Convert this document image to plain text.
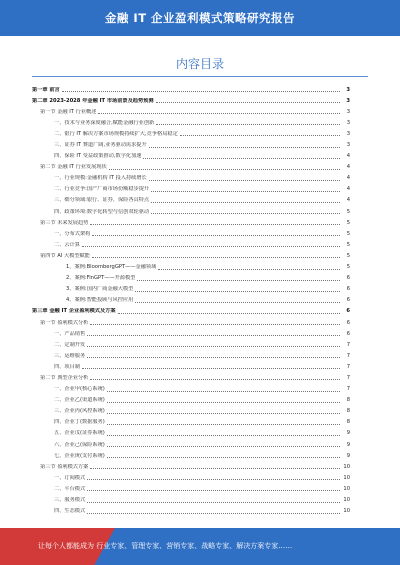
金融 IT 企业盈利模式策略研究报告
内容目录
第一章 前言	3
第二章 2023-2028 年金融 IT 市场前景及趋势预测	3
第一节 金融 IT 行业概述	3
一、技术与业务深度融合,赋能金融行业创新	3
二、银行 IT 解决方案市场规模持续扩大,竞争格局稳定	3
三、证券 IT 赛道广阔,业务驱动需求提升	3
四、保险 IT 受益政策推动,数字化加速	4
第二节 金融 IT 行业发展现状	4
一、行业规模:金融机构 IT 投入持续增长	4
二、行业竞争:国产厂商市场份额稳步提升	4
三、细分领域:银行、证券、保险各具特点	4
四、政策环境:数字化转型与信创双轮驱动	5
第三节 未来发展趋势	5
一、分布式架构	5
二、云计算	5
第四节 AI 大模型赋能	5
1、案例:BloombergGPT——金融领域	5
2、案例:FinGPT——开源模型	6
3、案例:国内厂商金融大模型	6
4、案例:智能投顾与风控应用	6
第三章 金融 IT 企业盈利模式及方案	6
第一节 盈利模式分析	6
一、产品销售	6
二、定制开发	7
三、运维服务	7
四、项目制	7
第二节 典型企业分析	7
一、企业甲(核心系统)	7
二、企业乙(渠道系统)	8
三、企业丙(风控系统)	8
四、企业丁(数据服务)	8
五、企业戊(证券系统)	9
六、企业己(保险系统)	9
七、企业庚(支付系统)	9
第三节 盈利模式方案	10
一、订阅模式	10
二、平台模式	10
三、服务模式	10
四、生态模式	10
让每个人都能成为 行业专家、管理专家、营销专家、战略专家、解决方案专家……
